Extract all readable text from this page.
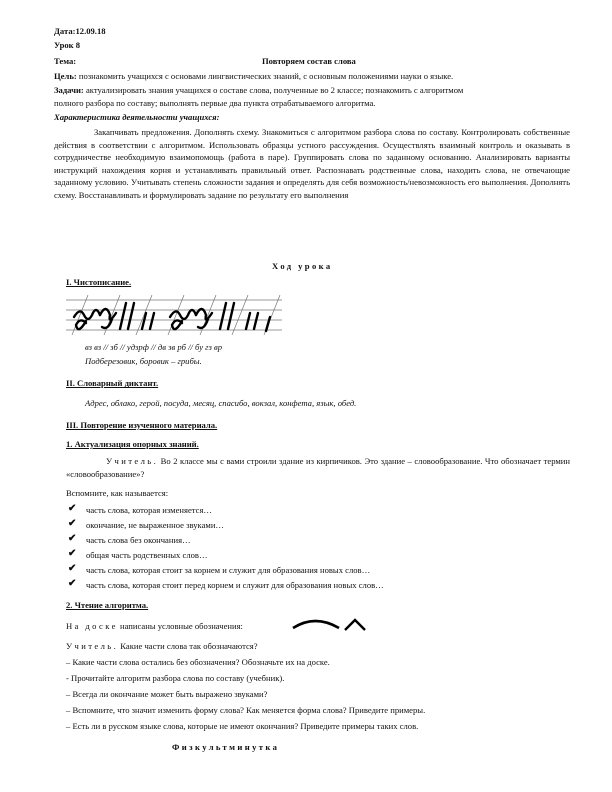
Дата:12.09.18
Урок 8
Тема:	Повторяем состав слова
Цель: познакомить учащихся с основами лингвистических знаний, с основным положениями науки о языке.
Задачи: актуализировать знания учащихся о составе слова, полученные во 2 классе; познакомить с алгоритмом
полного разбора по составу; выполнять первые два пункта отрабатываемого алгоритма.
Характеристика деятельности учащихся:
Закапчивать предложения. Дополнять схему. Знакомиться с алгоритмом разбора слова по составу. Контролировать собственные действия в соответствии с алгоритмом. Использовать образцы устного рассуждения. Осуществлять взаимный контроль и оказывать в сотрудничестве необходимую взаимопомощь (работа в паре). Группировать слова по заданному основанию. Анализировать варианты инструкций нахождения корня и устанавливать правильный ответ. Распознавать родственные слова, находить слова, не отвечающие заданному условию. Учитывать степень сложности задания и определять для себя возможность/невозможность его выполнения. Дополнять схему. Восстанавливать и формулировать задание по результату его выполнения
Ход урока
I. Чистописание.
вз вз // зб // удзрф // дв зв рб // бу гз вр
Подберезовик, боровик – грибы.
II. Словарный диктант.
Адрес, облако, герой, посуда, месяц, спасибо, вокзал, конфета, язык, обед.
III. Повторение изученного материала.
1. Актуализация опорных знаний.
Учитель. Во 2 классе мы с вами строили здание из кирпичиков. Это здание – словообразование. Что обозначает термин «словообразование»?
Вспомните, как называется:
✔ часть слова, которая изменяется…
✔ окончание, не выраженное звуками…
✔ часть слова без окончания…
✔ общая часть родственных слов…
✔ часть слова, которая стоит за корнем и служит для образования новых слов…
✔ часть слова, которая стоит перед корнем и служит для образования новых слов…
2. Чтение алгоритма.
На доске написаны условные обозначения:
Учитель. Какие части слова так обозначаются?
– Какие части слова остались без обозначения? Обозначьте их на доске.
- Прочитайте алгоритм разбора слова по составу (учебник).
– Всегда ли окончание может быть выражено звуками?
– Вспомните, что значит изменить форму слова? Как меняется форма слова? Приведите примеры.
– Есть ли в русском языке слова, которые не имеют окончания? Приведите примеры таких слов.
Физкультминутка
